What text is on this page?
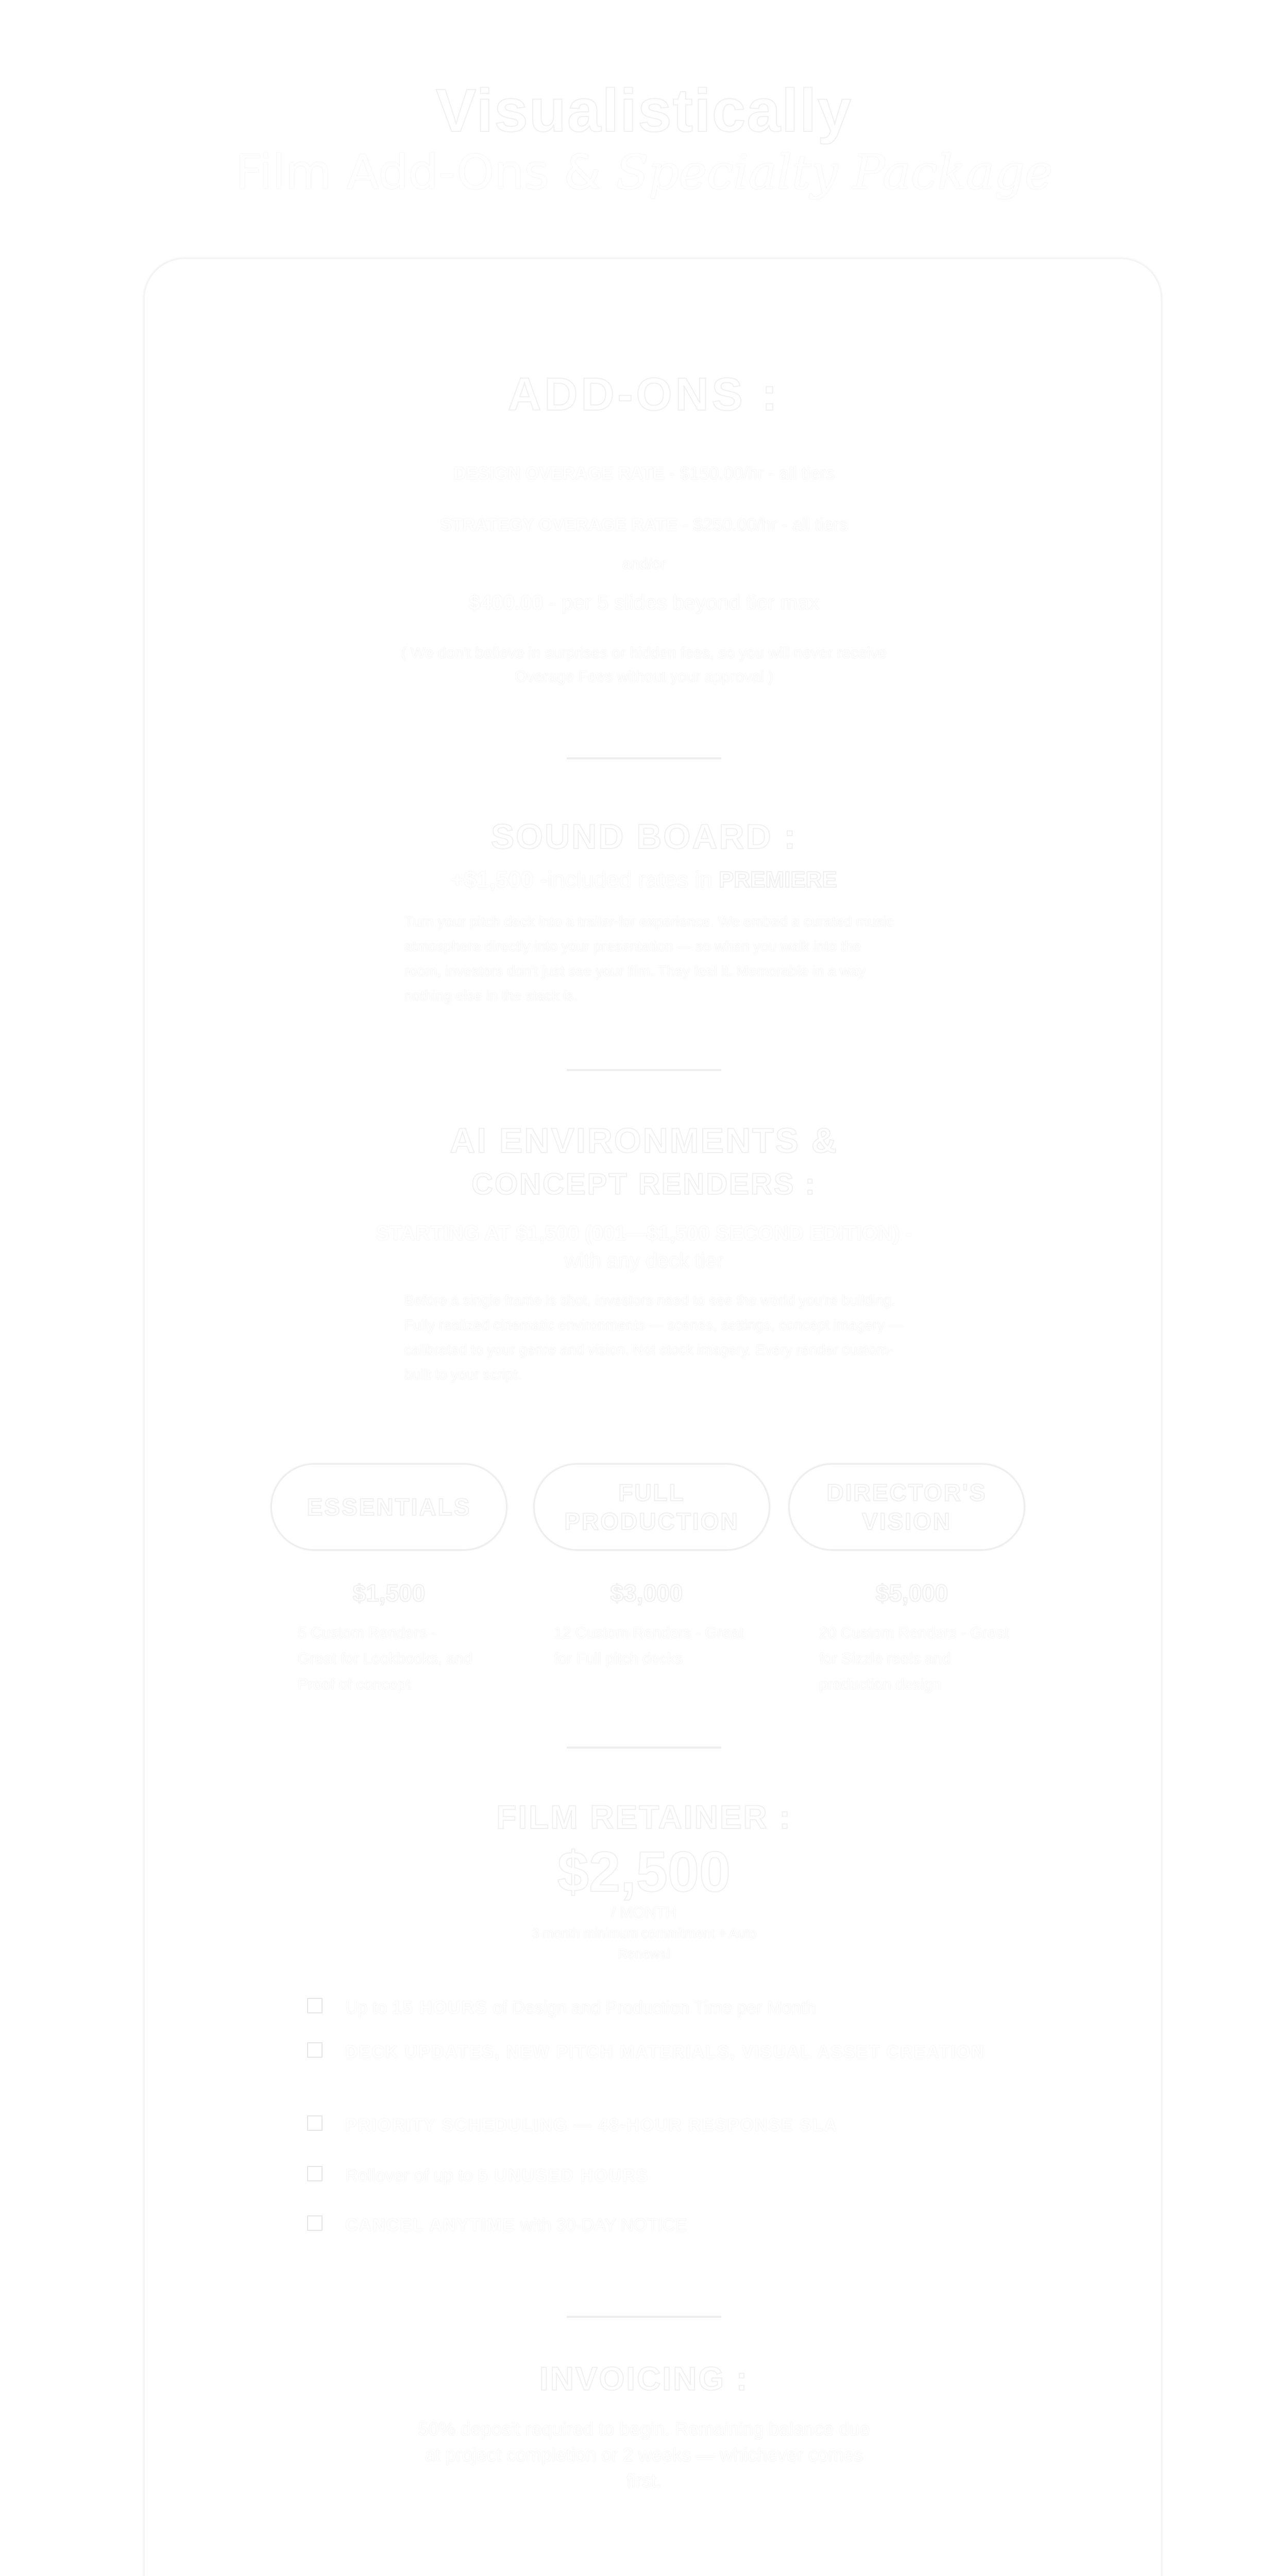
Visualistically
Film Add-Ons & Specialty Package
ADD-ONS :
DESIGN OVERAGE RATE - $150.00/hr - all tiers
STRATEGY OVERAGE RATE - $250.00/hr - all tiers
and/or
$400.00 - per 5 slides beyond tier max
( We don't believe in surprises or hidden fees, so you will never receive Overage Fees without your approval )
SOUND BOARD :
+$1,500 -included rates in PREMIERE
Turn your pitch deck into a trailer-for experience. We embed a curated music atmosphere directly into your presentation — so when you walk into the room, investors don't just see your film. They feel it. Memorable in a way nothing else in the stack is.
AI ENVIRONMENTS &
CONCEPT RENDERS :
STARTING AT $1,500 (001—$1,500 SECOND EDITION) -
with any deck tier
Before a single frame is shot, investors need to see the world you're building. Fully realized cinematic environments — scenes, settings, concept imagery — calibrated to your genre and vision. Not stock imagery. Every render custom-built to your script.
ESSENTIALS
FULL PRODUCTION
DIRECTOR'S VISION
$1,500	$3,000	$5,000
5 Custom Renders - Great for Lookbooks, and Proof of concept
12 Custom Renders - Great for Full pitch decks
20 Custom Renders - Great for Sizzle reels and production design
FILM RETAINER :
$2,500
/ MONTH
3 month minimum commitment + Auto Renewal
Up to 15 HOURS of Design and Production Time per Month
DECK UPDATES, NEW PITCH MATERIALS, VISUAL ASSET CREATION
PRIORITY SCHEDULING — 48-HOUR RESPONSE SLA
Rollover of up to 5 UNUSED HOURS
CANCEL ANYTIME with 30-DAY NOTICE
INVOICING :
50% deposit required to begin. Remaining balance due at project completion or 2 weeks — whichever comes first.
